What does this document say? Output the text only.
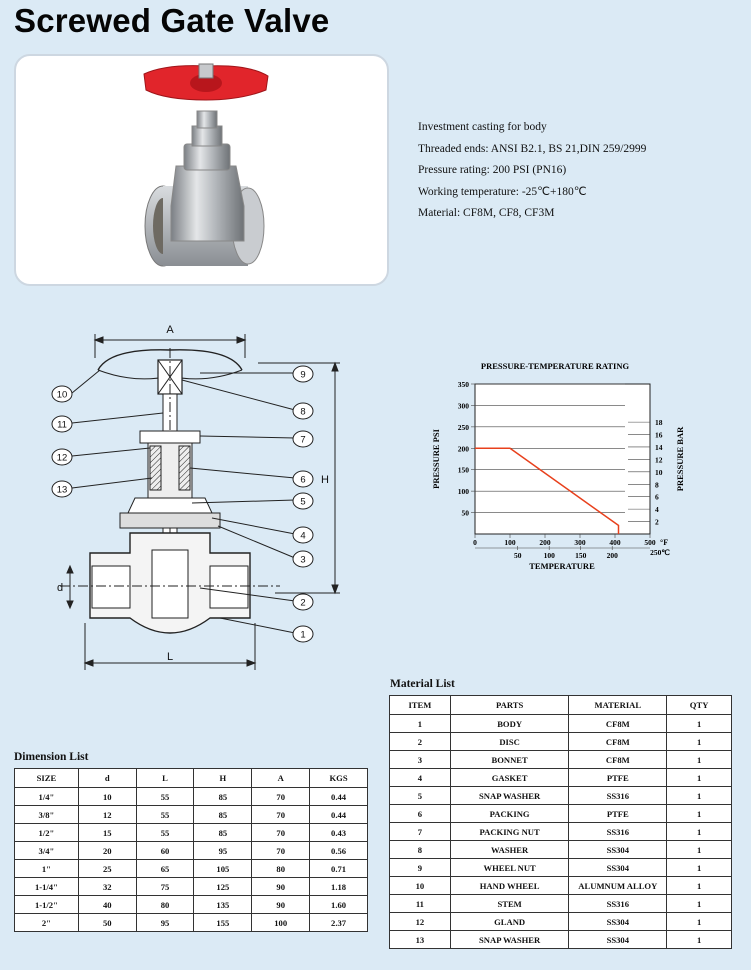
Screwed Gate Valve
Investment casting for body
Threaded ends: ANSI B2.1, BS 21,DIN 259/2999
Pressure rating: 200 PSI (PN16)
Working temperature: -25℃+180℃
Material: CF8M, CF8, CF3M
A
H
d
L
10
11
12
13
9
8
7
6
5
4
3
2
1
PRESSURE-TEMPERATURE RATING
350
300
250
200
150
100
50
18
16
14
12
10
8
6
4
2
0	100	200	300	400	500
50	100	150	200
°F
250℃
TEMPERATURE
PRESSURE PSI	PRESSURE BAR
Material List
ITEM	PARTS	MATERIAL	QTY
1	BODY	CF8M	1
2	DISC	CF8M	1
3	BONNET	CF8M	1
4	GASKET	PTFE	1
5	SNAP WASHER	SS316	1
6	PACKING	PTFE	1
7	PACKING NUT	SS316	1
8	WASHER	SS304	1
9	WHEEL NUT	SS304	1
10	HAND WHEEL	ALUMNUM ALLOY	1
11	STEM	SS316	1
12	GLAND	SS304	1
13	SNAP WASHER	SS304	1
Dimension List
SIZE	d	L	H	A	KGS
1/4"	10	55	85	70	0.44
3/8"	12	55	85	70	0.44
1/2"	15	55	85	70	0.43
3/4"	20	60	95	70	0.56
1"	25	65	105	80	0.71
1-1/4"	32	75	125	90	1.18
1-1/2"	40	80	135	90	1.60
2"	50	95	155	100	2.37
